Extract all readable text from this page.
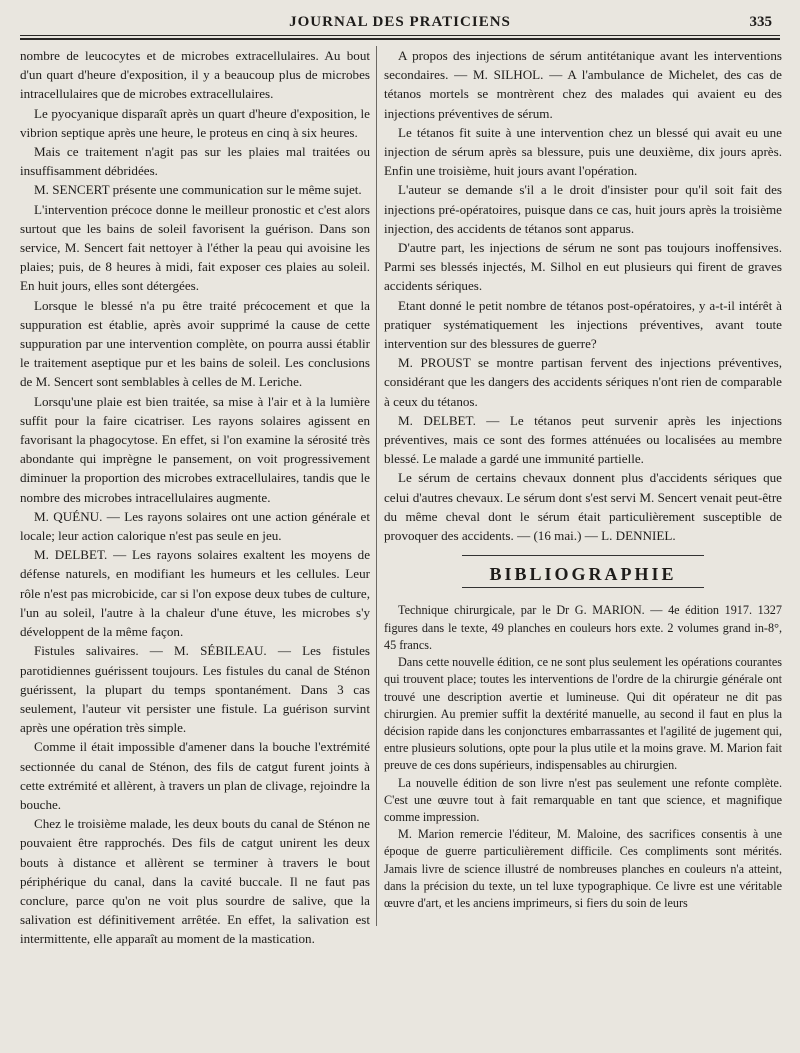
JOURNAL DES PRATICIENS	335

nombre de leucocytes et de microbes extracellulaires. Au bout d'un quart d'heure d'exposition, il y a beaucoup plus de microbes intracellulaires que de microbes extracellulaires.

Le pyocyanique disparaît après un quart d'heure d'exposition, le vibrion septique après une heure, le proteus en cinq à six heures.

Mais ce traitement n'agit pas sur les plaies mal traitées ou insuffisamment débridées.

M. SENCERT présente une communication sur le même sujet.

L'intervention précoce donne le meilleur pronostic et c'est alors surtout que les bains de soleil favorisent la guérison. Dans son service, M. Sencert fait nettoyer à l'éther la peau qui avoisine les plaies; puis, de 8 heures à midi, fait exposer ces plaies au soleil. En huit jours, elles sont détergées.

Lorsque le blessé n'a pu être traité précocement et que la suppuration est établie, après avoir supprimé la cause de cette suppuration par une intervention complète, on pourra aussi établir le traitement aseptique pur et les bains de soleil. Les conclusions de M. Sencert sont semblables à celles de M. Leriche.

Lorsqu'une plaie est bien traitée, sa mise à l'air et à la lumière suffit pour la faire cicatriser. Les rayons solaires agissent en favorisant la phagocytose. En effet, si l'on examine la sérosité très abondante qui imprègne le pansement, on voit progressivement diminuer la proportion des microbes extracellulaires, tandis que le nombre des microbes intracellulaires augmente.

M. QUÉNU. — Les rayons solaires ont une action générale et locale; leur action calorique n'est pas seule en jeu.

M. DELBET. — Les rayons solaires exaltent les moyens de défense naturels, en modifiant les humeurs et les cellules. Leur rôle n'est pas microbicide, car si l'on expose deux tubes de culture, l'un au soleil, l'autre à la chaleur d'une étuve, les microbes s'y développent de la même façon.

Fistules salivaires. — M. SÉBILEAU. — Les fistules parotidiennes guérissent toujours. Les fistules du canal de Sténon guérissent, la plupart du temps spontanément. Dans 3 cas seulement, l'auteur vit persister une fistule. La guérison survint après une opération très simple.

Comme il était impossible d'amener dans la bouche l'extrémité sectionnée du canal de Sténon, des fils de catgut furent joints à cette extrémité et allèrent, à travers un plan de clivage, rejoindre la bouche.

Chez le troisième malade, les deux bouts du canal de Sténon ne pouvaient être rapprochés. Des fils de catgut unirent les deux bouts à distance et allèrent se terminer à travers le bout périphérique du canal, dans la cavité buccale. Il ne faut pas conclure, parce qu'on ne voit plus sourdre de salive, que la salivation est définitivement arrêtée. En effet, la salivation est intermittente, elle apparaît au moment de la mastication.

A propos des injections de sérum antitétanique avant les interventions secondaires. — M. SILHOL. — A l'ambulance de Michelet, des cas de tétanos mortels se montrèrent chez des malades qui avaient eu des injections préventives de sérum.

Le tétanos fit suite à une intervention chez un blessé qui avait eu une injection de sérum après sa blessure, puis une deuxième, dix jours après. Enfin une troisième, huit jours avant l'opération.

L'auteur se demande s'il a le droit d'insister pour qu'il soit fait des injections pré-opératoires, puisque dans ce cas, huit jours après la troisième injection, des accidents de tétanos sont apparus.

D'autre part, les injections de sérum ne sont pas toujours inoffensives. Parmi ses blessés injectés, M. Silhol en eut plusieurs qui firent de graves accidents sériques.

Etant donné le petit nombre de tétanos post-opératoires, y a-t-il intérêt à pratiquer systématiquement les injections préventives, avant toute intervention sur des blessures de guerre?

M. PROUST se montre partisan fervent des injections préventives, considérant que les dangers des accidents sériques n'ont rien de comparable à ceux du tétanos.

M. DELBET. — Le tétanos peut survenir après les injections préventives, mais ce sont des formes atténuées ou localisées au membre blessé. Le malade a gardé une immunité partielle.

Le sérum de certains chevaux donnent plus d'accidents sériques que celui d'autres chevaux. Le sérum dont s'est servi M. Sencert venait peut-être du même cheval dont le sérum était particulièrement susceptible de provoquer des accidents. — (16 mai.) — L. DENNIEL.

BIBLIOGRAPHIE

Technique chirurgicale, par le Dr G. MARION. — 4e édition 1917. 1327 figures dans le texte, 49 planches en couleurs hors exte. 2 volumes grand in-8°, 45 francs.

Dans cette nouvelle édition, ce ne sont plus seulement les opérations courantes qui trouvent place; toutes les interventions de l'ordre de la chirurgie générale ont trouvé une description avertie et lumineuse. Qui dit opérateur ne dit pas chirurgien. Au premier suffit la dextérité manuelle, au second il faut en plus la décision rapide dans les conjonctures embarrassantes et l'agilité de jugement qui, entre plusieurs solutions, opte pour la plus utile et la moins grave. M. Marion fait preuve de ces dons supérieurs, indispensables au chirurgien.

La nouvelle édition de son livre n'est pas seulement une refonte complète. C'est une œuvre tout à fait remarquable en tant que science, et magnifique comme impression.

M. Marion remercie l'éditeur, M. Maloine, des sacrifices consentis à une époque de guerre particulièrement difficile. Ces compliments sont mérités. Jamais livre de science illustré de nombreuses planches en couleurs n'a atteint, dans la précision du texte, un tel luxe typographique. Ce livre est une véritable œuvre d'art, et les anciens imprimeurs, si fiers du soin de leurs
